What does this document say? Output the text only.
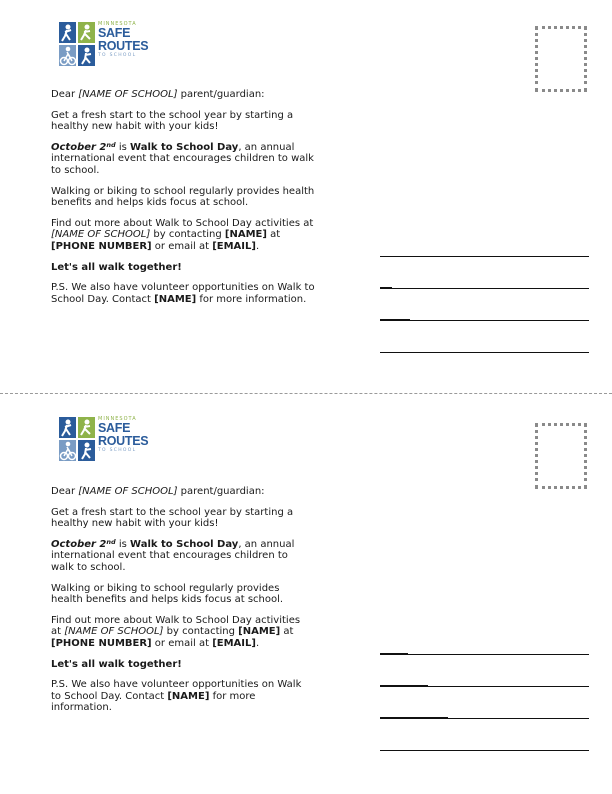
MINNESOTA
SAFE
ROUTES
TO SCHOOL

Dear [NAME OF SCHOOL] parent/guardian:

Get a fresh start to the school year by starting a healthy new habit with your kids!

October 2nd is Walk to School Day, an annual international event that encourages children to walk to school.

Walking or biking to school regularly provides health benefits and helps kids focus at school.

Find out more about Walk to School Day activities at [NAME OF SCHOOL] by contacting [NAME] at [PHONE NUMBER] or email at [EMAIL].

Let's all walk together!

P.S. We also have volunteer opportunities on Walk to School Day. Contact [NAME] for more information.

MINNESOTA
SAFE
ROUTES
TO SCHOOL

Dear [NAME OF SCHOOL] parent/guardian:

Get a fresh start to the school year by starting a healthy new habit with your kids!

October 2nd is Walk to School Day, an annual international event that encourages children to walk to school.

Walking or biking to school regularly provides health benefits and helps kids focus at school.

Find out more about Walk to School Day activities at [NAME OF SCHOOL] by contacting [NAME] at [PHONE NUMBER] or email at [EMAIL].

Let's all walk together!

P.S. We also have volunteer opportunities on Walk to School Day. Contact [NAME] for more information.
